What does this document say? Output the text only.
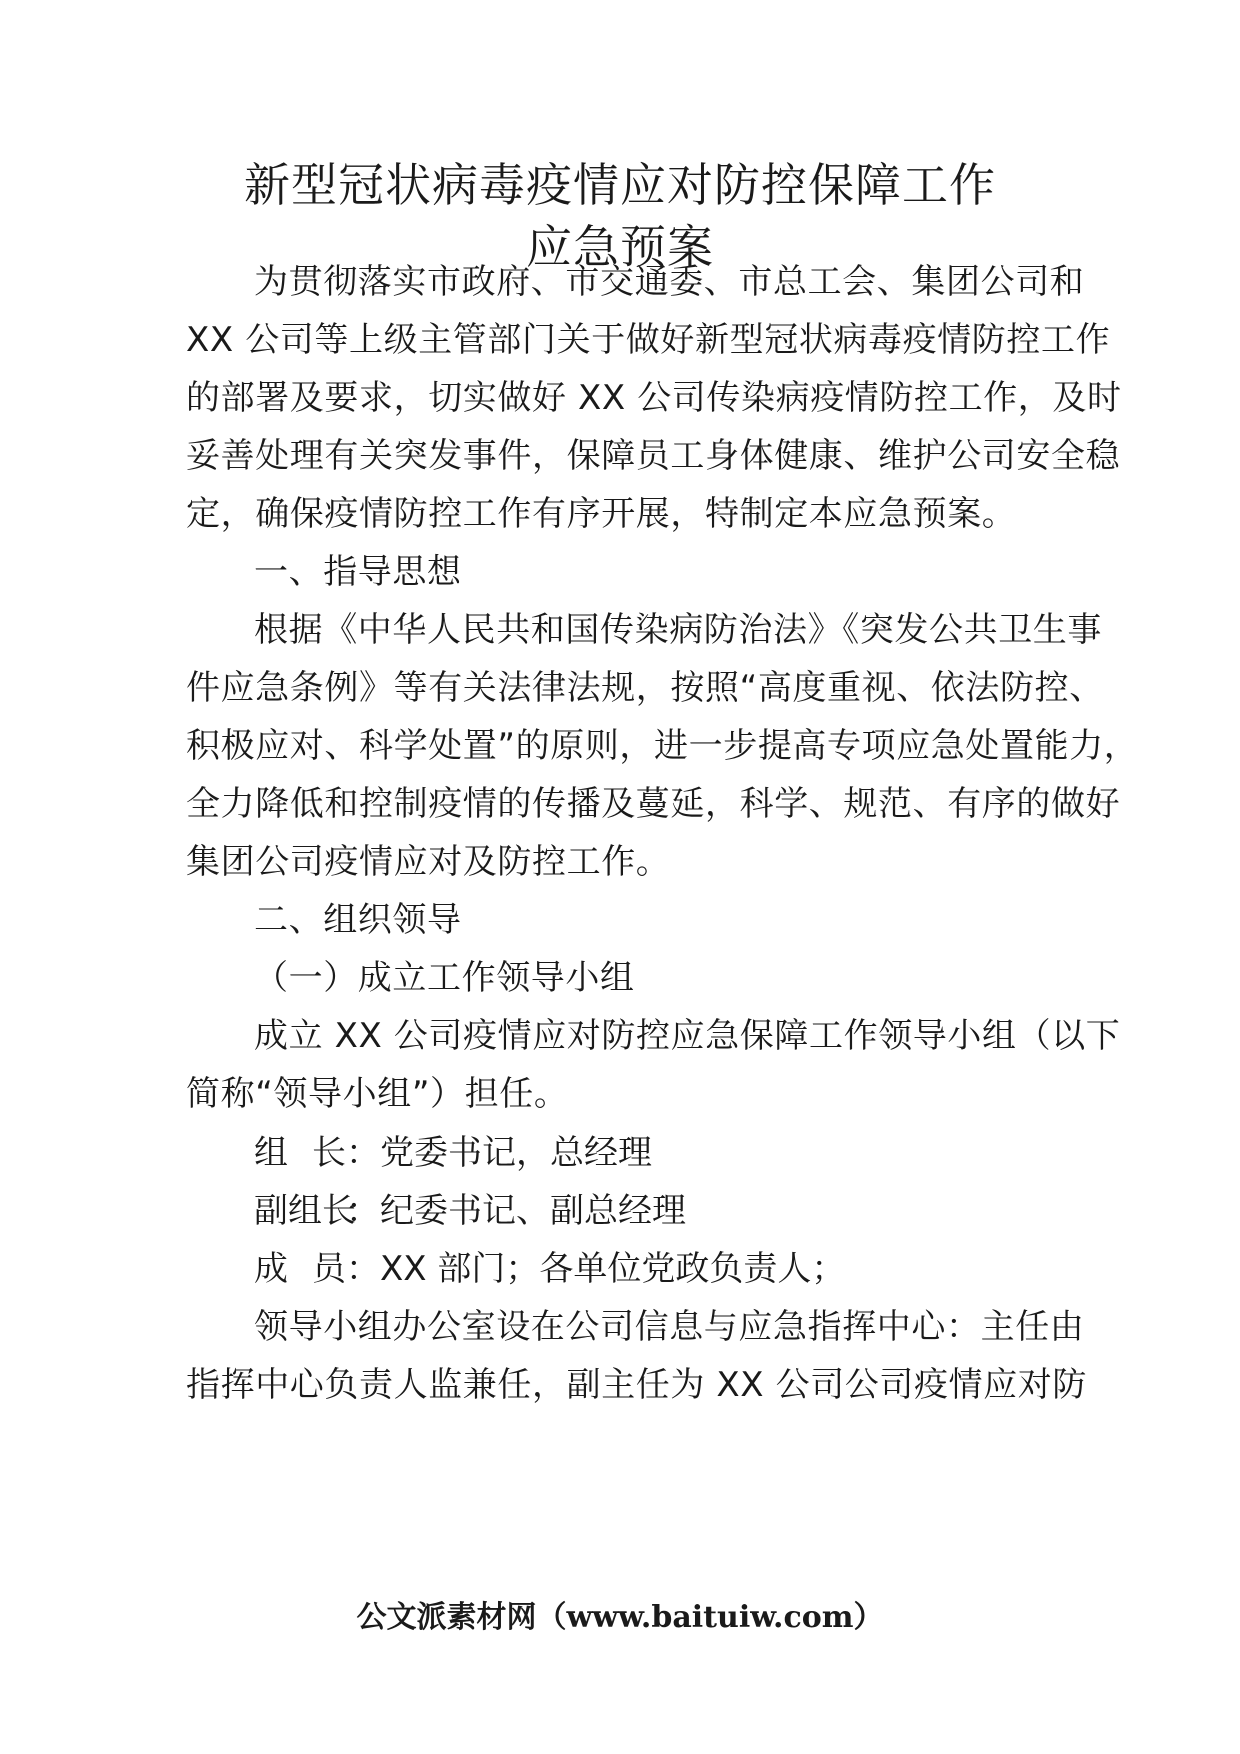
新型冠状病毒疫情应对防控保障工作
应急预案
为贯彻落实市政府、市交通委、市总工会、集团公司和
XX 公司等上级主管部门关于做好新型冠状病毒疫情防控工作
的部署及要求，切实做好 XX 公司传染病疫情防控工作，及时
妥善处理有关突发事件，保障员工身体健康、维护公司安全稳
定，确保疫情防控工作有序开展，特制定本应急预案。
一、指导思想
根据《中华人民共和国传染病防治法》《突发公共卫生事
件应急条例》等有关法律法规，按照“高度重视、依法防控、
积极应对、科学处置”的原则，进一步提高专项应急处置能力，
全力降低和控制疫情的传播及蔓延，科学、规范、有序的做好
集团公司疫情应对及防控工作。
二、组织领导
（一）成立工作领导小组
成立 XX 公司疫情应对防控应急保障工作领导小组（以下
简称“领导小组”）担任。
组 长 ：党委书记，总经理
副 组 长
：纪委书记、副总经理
成 员 ：XX 部门；各单位党政负责人；
领导小组办公室设在公司信息与应急指挥中心：主任由
指挥中心负责人监兼任，副主任为 XX 公司公司疫情应对防
公文派素材网（www.baituiw.com）
